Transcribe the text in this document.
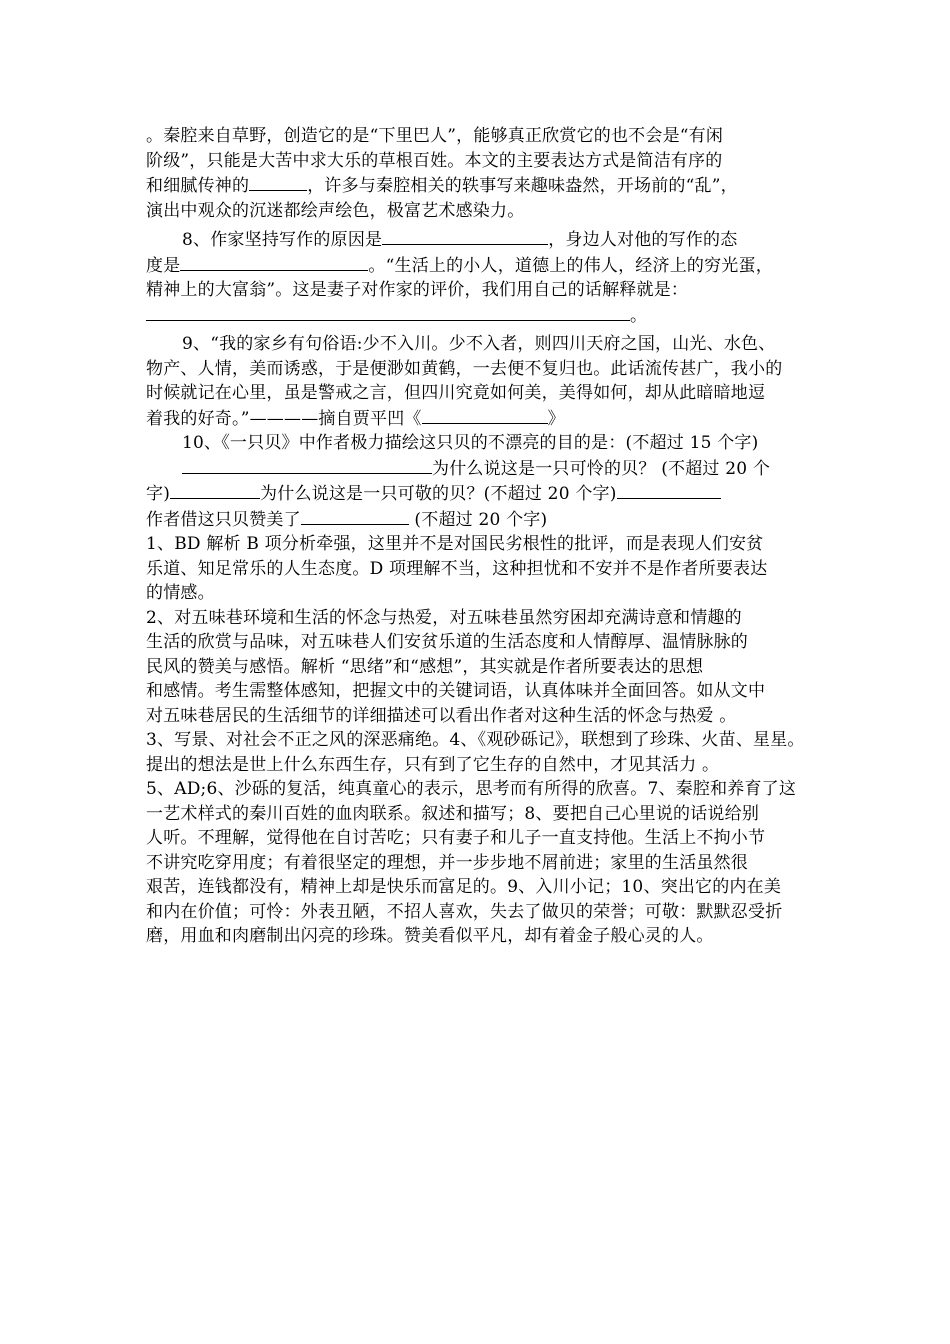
。秦腔来自草野，创造它的是“下里巴人”，能够真正欣赏它的也不会是“有闲
阶级”，只能是大苦中求大乐的草根百姓。本文的主要表达方式是简洁有序的
和细腻传神的	，许多与秦腔相关的轶事写来趣味盎然，开场前的“乱”，
演出中观众的沉迷都绘声绘色，极富艺术感染力。
8、作家坚持写作的原因是	，身边人对他的写作的态
度是	。“生活上的小人，道德上的伟人，经济上的穷光蛋，
精神上的大富翁”。这是妻子对作家的评价，我们用自己的话解释就是：
。
9、“我的家乡有句俗语:少不入川。少不入者，则四川天府之国，山光、水色、
物产、人情，美而诱惑，于是便渺如黄鹤，一去便不复归也。此话流传甚广，我小的
时候就记在心里，虽是警戒之言，但四川究竟如何美，美得如何，却从此暗暗地逗
着我的好奇。”————摘自贾平凹《	》
10、《一只贝》中作者极力描绘这只贝的不漂亮的目的是：(不超过 15 个字)
为什么说这是一只可怜的贝？ (不超过 20 个
字)	为什么说这是一只可敬的贝？(不超过 20 个字)
作者借这只贝赞美了	(不超过 20 个字)
1、BD 解析 B 项分析牵强，这里并不是对国民劣根性的批评，而是表现人们安贫
乐道、知足常乐的人生态度。D 项理解不当，这种担忧和不安并不是作者所要表达
的情感。
2、对五味巷环境和生活的怀念与热爱，对五味巷虽然穷困却充满诗意和情趣的
生活的欣赏与品味，对五味巷人们安贫乐道的生活态度和人情醇厚、温情脉脉的
民风的赞美与感悟。解析 “思绪”和“感想”，其实就是作者所要表达的思想
和感情。考生需整体感知，把握文中的关键词语，认真体味并全面回答。如从文中
对五味巷居民的生活细节的详细描述可以看出作者对这种生活的怀念与热爱 。
3、写景、对社会不正之风的深恶痛绝。4、《观砂砾记》，联想到了珍珠、火苗、星星。
提出的想法是世上什么东西生存，只有到了它生存的自然中，才见其活力 。
5、AD;6、沙砾的复活，纯真童心的表示，思考而有所得的欣喜。7、秦腔和养育了这
一艺术样式的秦川百姓的血肉联系。叙述和描写；8、要把自己心里说的话说给别
人听。不理解，觉得他在自讨苦吃；只有妻子和儿子一直支持他。生活上不拘小节
不讲究吃穿用度；有着很坚定的理想，并一步步地不屑前进；家里的生活虽然很
艰苦，连钱都没有，精神上却是快乐而富足的。9、入川小记；10、突出它的内在美
和内在价值；可怜：外表丑陋，不招人喜欢，失去了做贝的荣誉；可敬：默默忍受折
磨，用血和肉磨制出闪亮的珍珠。赞美看似平凡，却有着金子般心灵的人。
